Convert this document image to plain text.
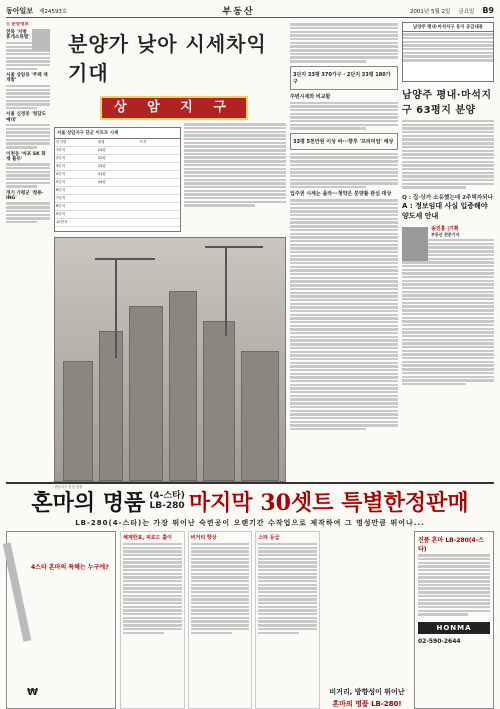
동아일보 제24593호	부동산	2001년 5월 2일 금요일 B9
◎ 분양정보
전북 '지방 휴게소특별'
서울 상암동 '주택 재개발'
서울 신정동 '청담도예대'
이천동 '마포 SK 화재 블루'
경기 가평군 '청룡-ING'
분양가 낮아 시세차익 기대
상 암 지 구
서울 상암지구 단군 이트트 시세
단지명	평형	가격
1단지	24평
2단지	32평
3단지	33평
4단지	41평
5단지	44평
6단지
7단지
8단지
9단지
10단지
상암지구 건설 현장
3단지 33평 370가구 · 2단지 33평 180가구
주변시세와 비교할
33평 5천만원 이상 싸···향후 '프리미엄' 예상
입주권 시세는 올라···청약은 분양률 관심 대상
남양주 평내·마석지구 동지 공급내용
남양주 평내·마석지구 63평지 분양
Q : 집·상가 소유했는데 2주택자되나
A : 정보임대 사실 입증해야 양도세 안내
송진홍 |기획
부동산 전문기자
혼마의 명품 (4-스타)
LB-280 마지막 30셋트 특별한정판매
LB-280(4-스타)는 가장 뛰어난 숙련공이 오랜기간 수작업으로 제작하여 그 명성만큼 뛰어나...
4스타 혼마의 특혜는 누구에?
₩
체계한표, 피로드 홀이	비거리 향상	스타 등급
비거리, 방향성이 뛰어난
혼마의 명품 LB-280!
진품 혼마 LB-280(4-스타)
HONMA
02-590-2644
